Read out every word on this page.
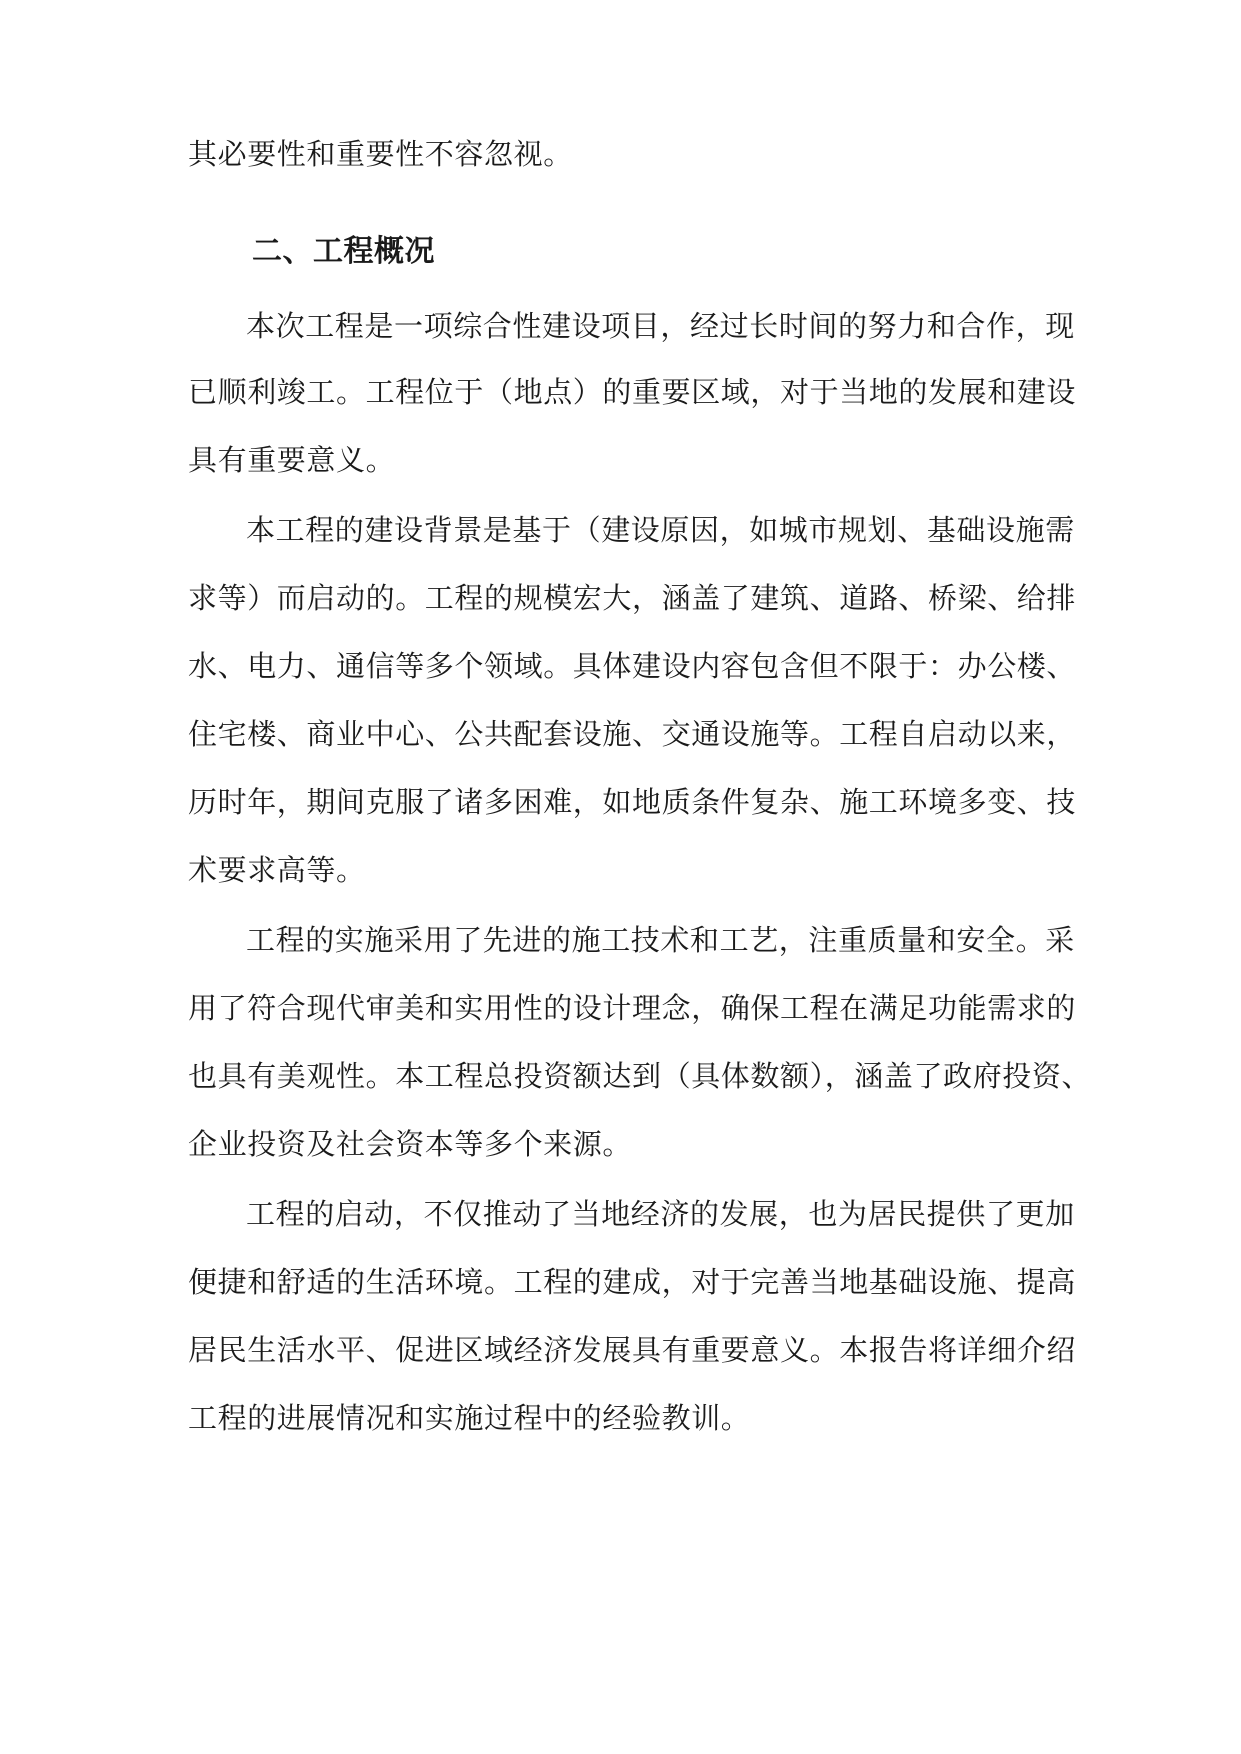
其必要性和重要性不容忽视。
二、工程概况
本次工程是一项综合性建设项目，经过长时间的努力和合作，现
已顺利竣工。工程位于（地点）的重要区域，对于当地的发展和建设
具有重要意义。
本工程的建设背景是基于（建设原因，如城市规划、基础设施需
求等）而启动的。工程的规模宏大，涵盖了建筑、道路、桥梁、给排
水、电力、通信等多个领域。具体建设内容包含但不限于：办公楼、
住宅楼、商业中心、公共配套设施、交通设施等。工程自启动以来，
历时年，期间克服了诸多困难，如地质条件复杂、施工环境多变、技
术要求高等。
工程的实施采用了先进的施工技术和工艺，注重质量和安全。采
用了符合现代审美和实用性的设计理念，确保工程在满足功能需求的
也具有美观性。本工程总投资额达到（具体数额），涵盖了政府投资、
企业投资及社会资本等多个来源。
工程的启动，不仅推动了当地经济的发展，也为居民提供了更加
便捷和舒适的生活环境。工程的建成，对于完善当地基础设施、提高
居民生活水平、促进区域经济发展具有重要意义。本报告将详细介绍
工程的进展情况和实施过程中的经验教训。
